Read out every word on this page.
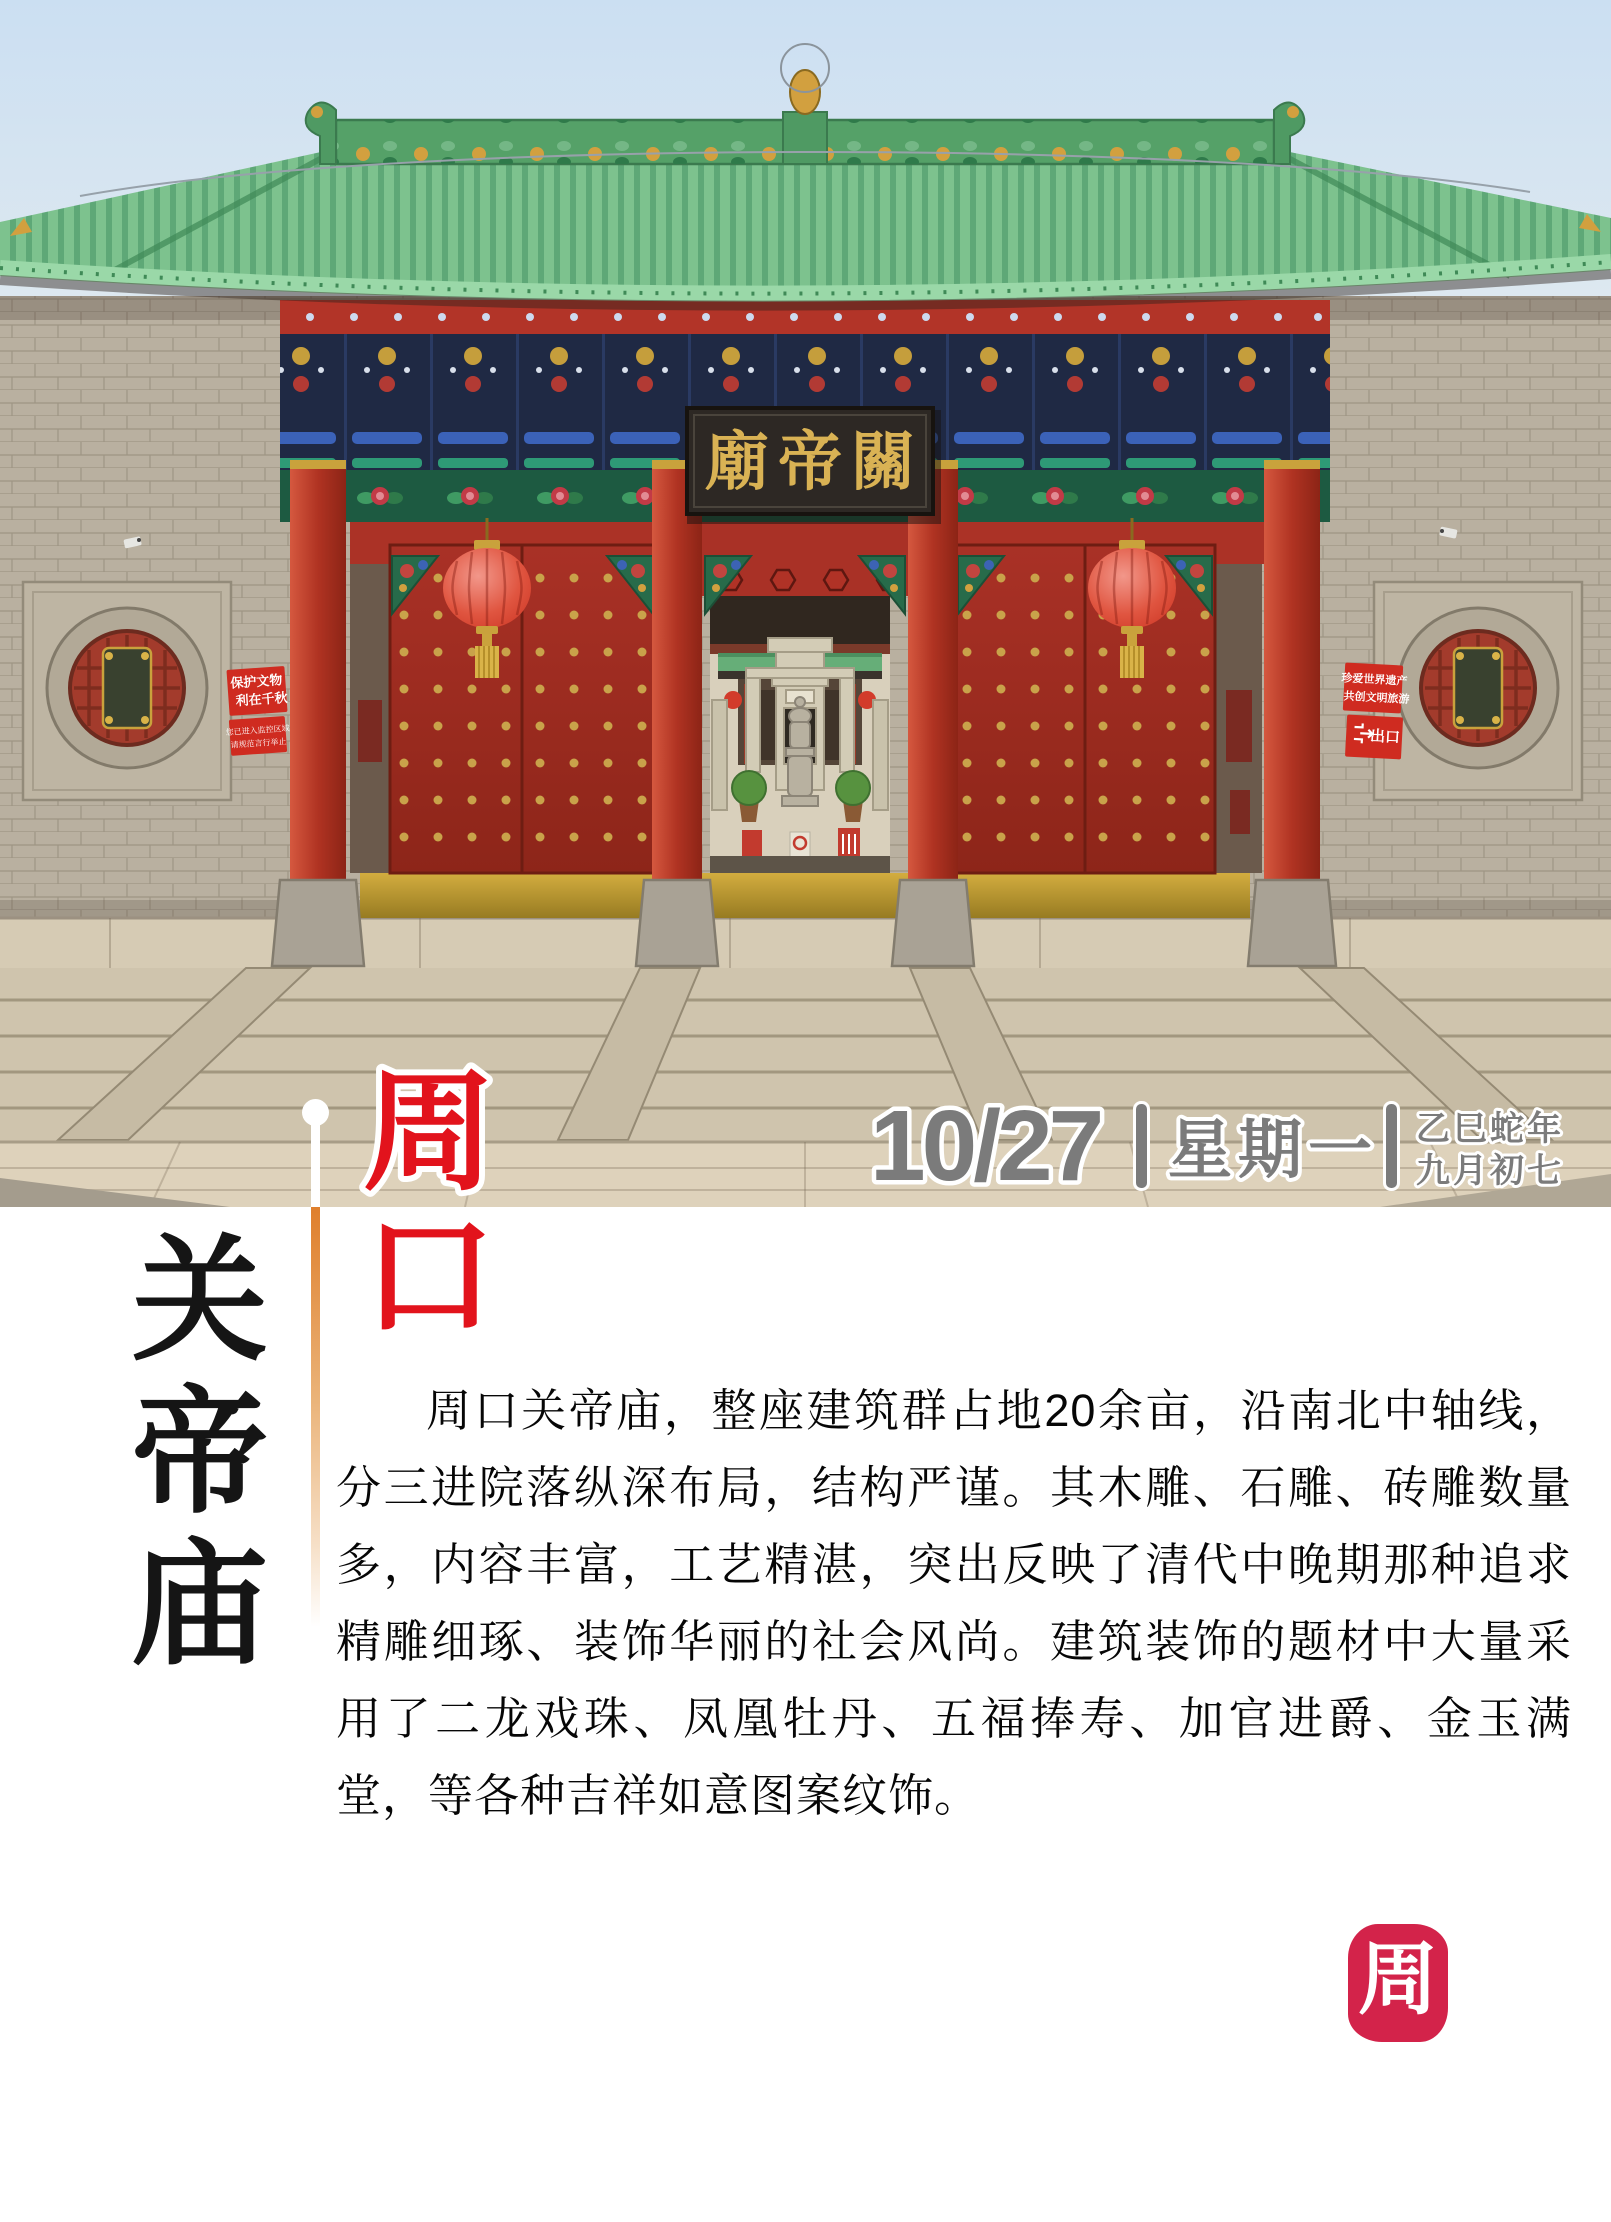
保护文物
利在千秋
您已进入监控区域
请规范言行举止
珍爱世界遗产
共创文明旅游
出口
廟 帝 關
10/27 星期一 乙巳蛇年
九月初七
周
口
关帝庙	周口关帝庙，整座建筑群占地20余亩，沿南北中轴线，分三进院落纵深布局，结构严谨。其木雕、石雕、砖雕数量多，内容丰富，工艺精湛，突出反映了清代中晚期那种追求精雕细琢、装饰华丽的社会风尚。建筑装饰的题材中大量采用了二龙戏珠、凤凰牡丹、五福捧寿、加官进爵、金玉满堂，等各种吉祥如意图案纹饰。
周
